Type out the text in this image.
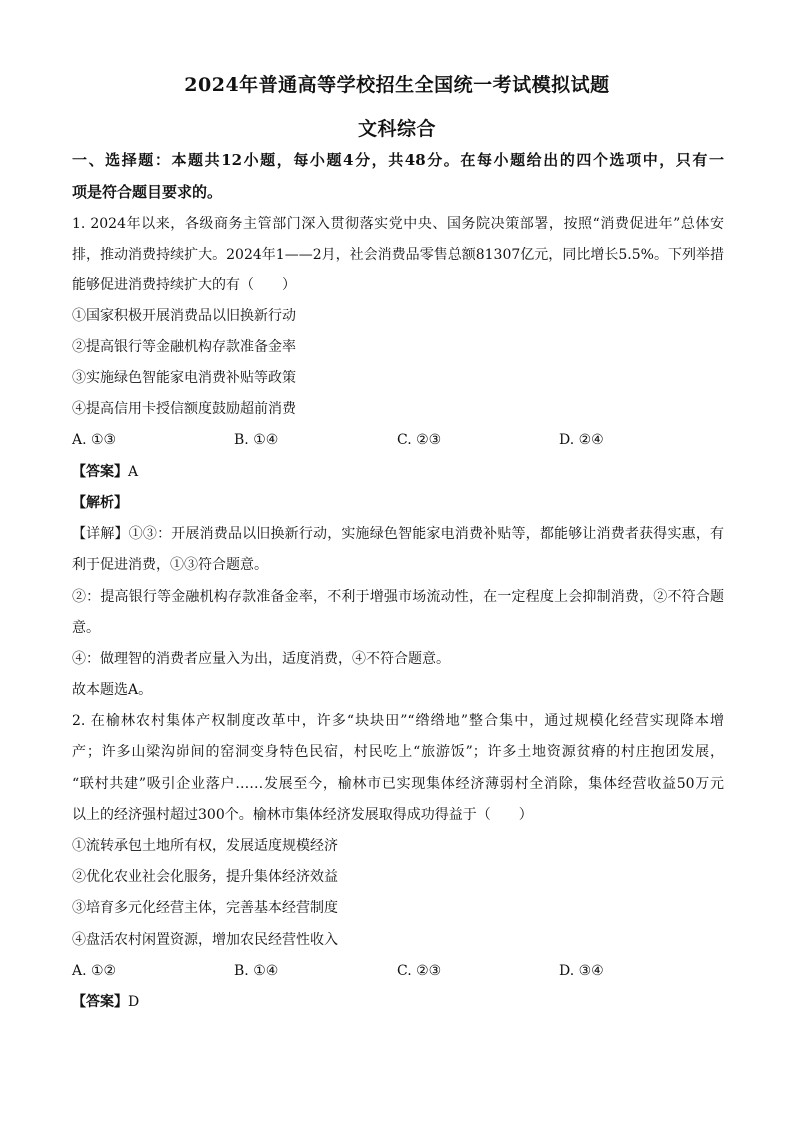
2024年普通高等学校招生全国统一考试模拟试题
文科综合
一、选择题：本题共12小题，每小题4分，共48分。在每小题给出的四个选项中，只有一
项是符合题目要求的。
1. 2024年以来，各级商务主管部门深入贯彻落实党中央、国务院决策部署，按照“消费促进年”总体安
排，推动消费持续扩大。2024年1——2月，社会消费品零售总额81307亿元，同比增长5.5%。下列举措
能够促进消费持续扩大的有（　　）
①国家积极开展消费品以旧换新行动
②提高银行等金融机构存款准备金率
③实施绿色智能家电消费补贴等政策
④提高信用卡授信额度鼓励超前消费
A. ①③	B. ①④	C. ②③	D. ②④
【答案】A
【解析】
【详解】①③：开展消费品以旧换新行动，实施绿色智能家电消费补贴等，都能够让消费者获得实惠，有
利于促进消费，①③符合题意。
②：提高银行等金融机构存款准备金率，不利于增强市场流动性，在一定程度上会抑制消费，②不符合题
意。
④：做理智的消费者应量入为出，适度消费，④不符合题意。
故本题选A。
2. 在榆林农村集体产权制度改革中，许多“块块田”“绺绺地”整合集中，通过规模化经营实现降本增
产；许多山梁沟峁间的窑洞变身特色民宿，村民吃上“旅游饭”；许多土地资源贫瘠的村庄抱团发展，
“联村共建”吸引企业落户……发展至今，榆林市已实现集体经济薄弱村全消除，集体经营收益50万元
以上的经济强村超过300个。榆林市集体经济发展取得成功得益于（　　）
①流转承包土地所有权，发展适度规模经济
②优化农业社会化服务，提升集体经济效益
③培育多元化经营主体，完善基本经营制度
④盘活农村闲置资源，增加农民经营性收入
A. ①②	B. ①④	C. ②③	D. ③④
【答案】D
